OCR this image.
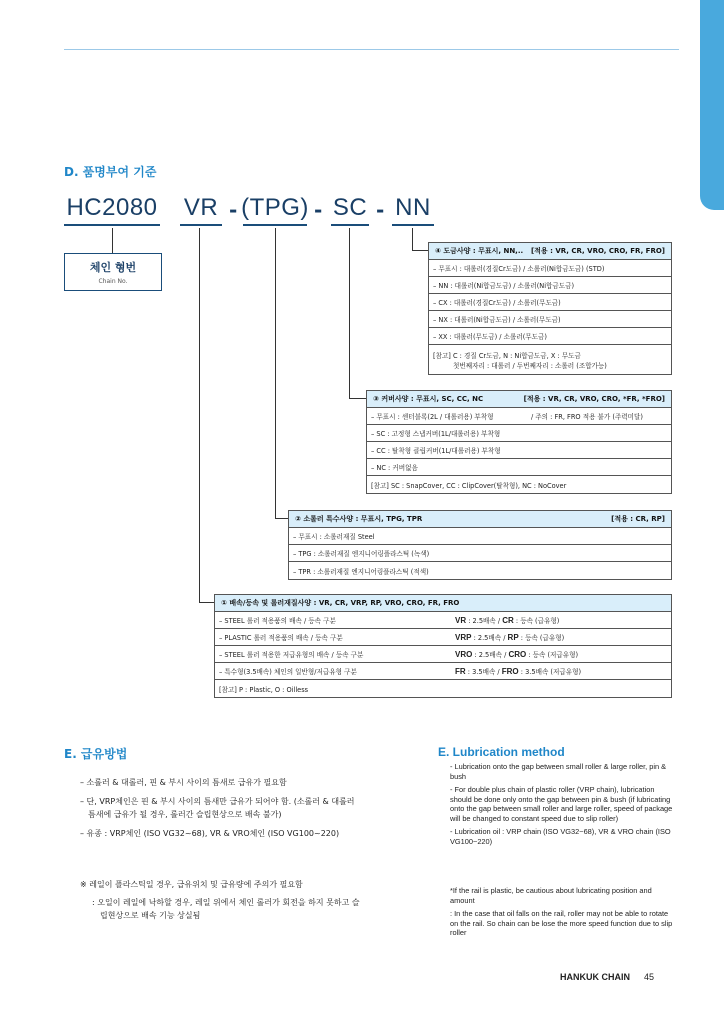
D. 품명부여 기준
HC2080 VR - (TPG) - SC - NN
체인 형번
Chain No.
④ 도금사양 : 무표시, NN,.. [적용 : VR, CR, VRO, CRO, FR, FRO]
– 무표시 : 대롤러(경질Cr도금) / 소롤러(Ni합금도금) (STD)
– NN : 대롤러(Ni합금도금) / 소롤러(Ni합금도금)
– CX : 대롤러(경질Cr도금) / 소롤러(무도금)
– NX : 대롤러(Ni합금도금) / 소롤러(무도금)
– XX : 대롤러(무도금) / 소롤러(무도금)
[참고] C : 경질 Cr도금, N : Ni합금도금, X : 무도금
첫번째자리 : 대롤러 / 두번째자리 : 소롤러 (조합가능)
③ 커버사양 : 무표시, SC, CC, NC	[적용 : VR, CR, VRO, CRO, *FR, *FRO]
– 무표시 : 센터블록(2L / 대롤러용) 부착형	/ 주의 : FR, FRO 적용 불가 (주력미달)
– SC : 고정형 스냅커버(1L/대롤러용) 부착형
– CC : 탈착형 클립커버(1L/대롤러용) 부착형
– NC : 커버없음
[참고] SC : SnapCover, CC : ClipCover(탈착형), NC : NoCover
② 소롤러 특수사양 : 무표시, TPG, TPR	[적용 : CR, RP]
– 무표시 : 소롤러재질 Steel
– TPG : 소롤러재질 엔지니어링플라스틱 (녹색)
– TPR : 소롤러재질 엔지니어링플라스틱 (적색)
① 배속/등속 및 롤러재질사양 : VR, CR, VRP, RP, VRO, CRO, FR, FRO
– STEEL 롤러 적용품의 배속 / 등속 구분	VR : 2.5배속 / CR : 등속 (급유형)
– PLASTIC 롤러 적용품의 배속 / 등속 구분	VRP : 2.5배속 / RP : 등속 (급유형)
– STEEL 롤러 적용한 저급유형의 배속 / 등속 구분	VRO : 2.5배속 / CRO : 등속 (저급유형)
– 특수형(3.5배속) 체인의 일반형/저급유형 구분	FR : 3.5배속 / FRO : 3.5배속 (저급유형)
[참고] P : Plastic, O : Oilless
E. 급유방법
– 소롤러 & 대롤러, 핀 & 부시 사이의 틈새로 급유가 필요함
– 단, VRP체인은 핀 & 부시 사이의 틈새만 급유가 되어야 함. (소롤러 & 대롤러
틈새에 급유가 될 경우, 롤러간 슬립현상으로 배속 불가)
– 유종 : VRP체인 (ISO VG32~68), VR & VRO체인 (ISO VG100~220)
※ 레일이 플라스틱일 경우, 급유위치 및 급유량에 주의가 필요함
: 오일이 레일에 낙하할 경우, 레일 위에서 체인 롤러가 회전을 하지 못하고 슬
립현상으로 배속 기능 상실됨
E. Lubrication method
- Lubrication onto the gap between small roller & large roller, pin & bush
- For double plus chain of plastic roller (VRP chain), lubrication should be done only onto the gap between pin & bush (if lubricating onto the gap between small roller and large roller, speed of package will be changed to constant speed due to slip roller)
- Lubrication oil : VRP chain (ISO VG32~68), VR & VRO chain (ISO VG100~220)
*If the rail is plastic, be cautious about lubricating position and amount
: In the case that oil falls on the rail, roller may not be able to rotate on the rail. So chain can be lose the more speed function due to slip roller
HANKUK CHAIN 45
